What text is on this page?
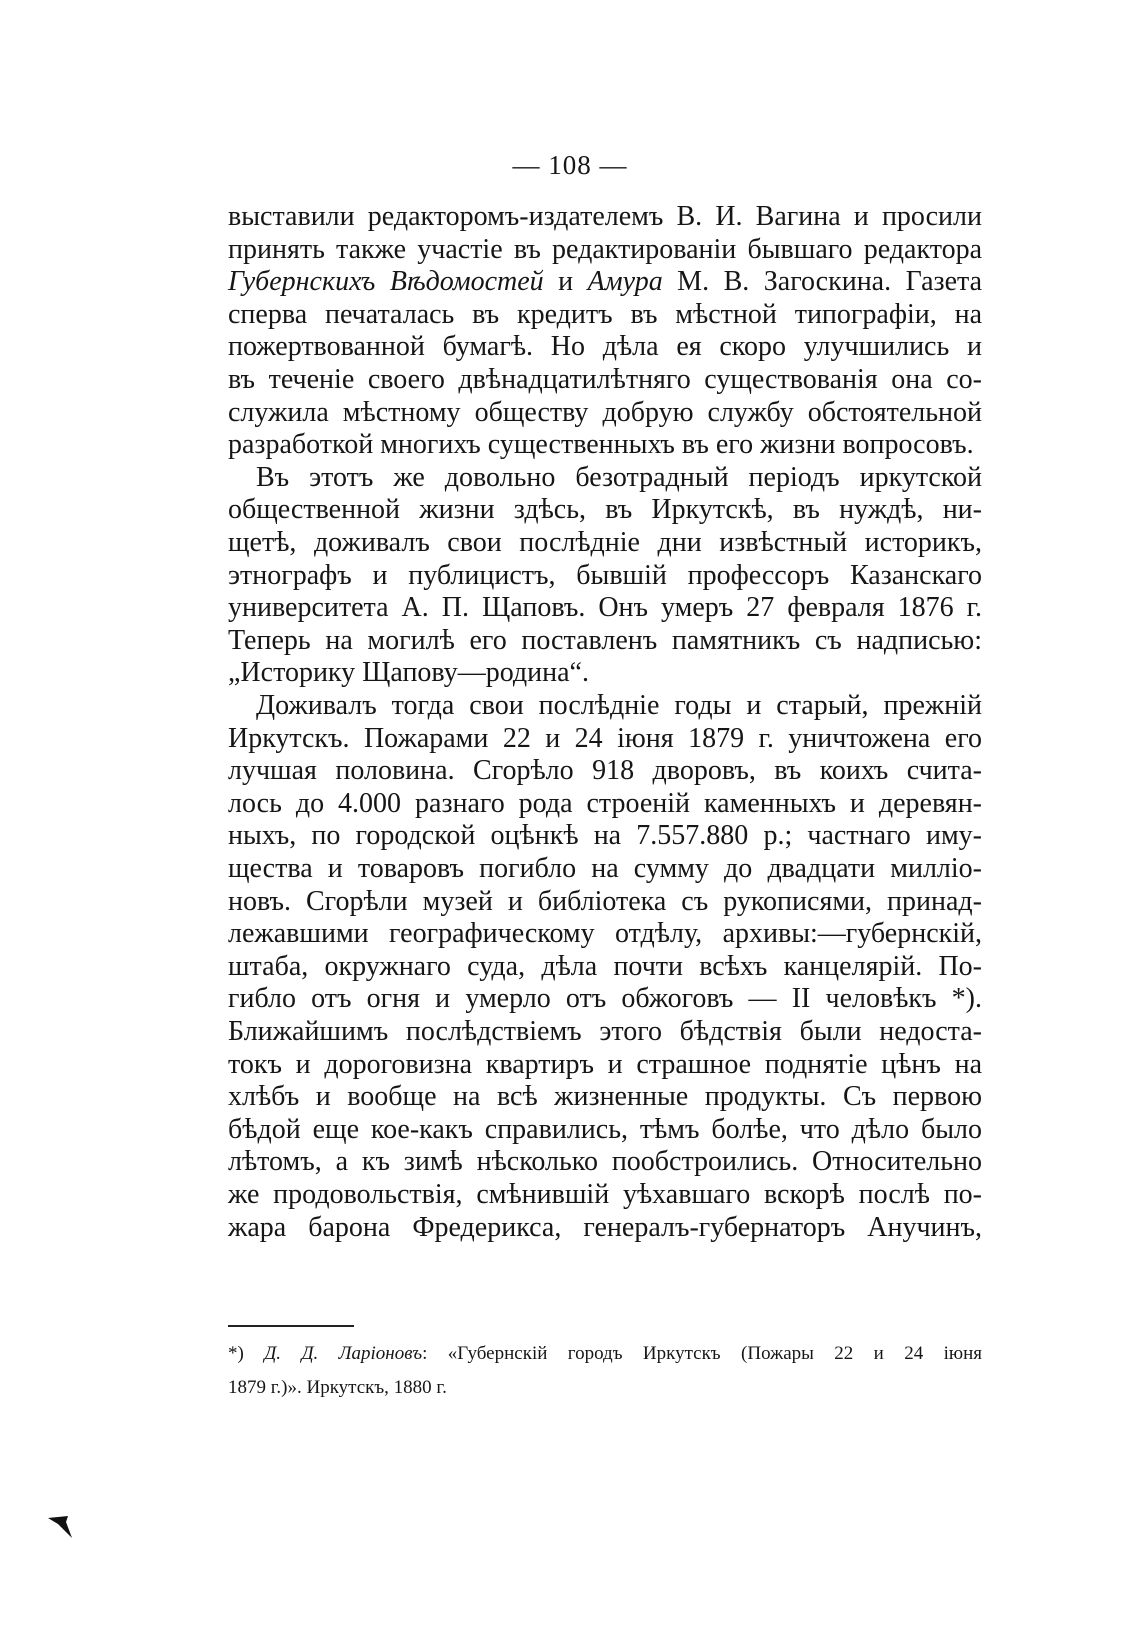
— 108 —
выставили редакторомъ-издателемъ В. И. Вагина и просили
принять также участіе въ редактированіи бывшаго редактора
Губернскихъ Вѣдомостей и Амура М. В. Загоскина. Газета
сперва печаталась въ кредитъ въ мѣстной типографіи, на
пожертвованной бумагѣ. Но дѣла ея скоро улучшились и
въ теченіе своего двѣнадцатилѣтняго существованія она со-
служила мѣстному обществу добрую службу обстоятельной
разработкой многихъ существенныхъ въ его жизни вопросовъ.
Въ этотъ же довольно безотрадный періодъ иркутской
общественной жизни здѣсь, въ Иркутскѣ, въ нуждѣ, ни-
щетѣ, доживалъ свои послѣдніе дни извѣстный историкъ,
этнографъ и публицистъ, бывшій профессоръ Казанскаго
университета А. П. Щаповъ. Онъ умеръ 27 февраля 1876 г.
Теперь на могилѣ его поставленъ памятникъ съ надписью:
„Историку Щапову—родина“.
Доживалъ тогда свои послѣдніе годы и старый, прежній
Иркутскъ. Пожарами 22 и 24 іюня 1879 г. уничтожена его
лучшая половина. Сгорѣло 918 дворовъ, въ коихъ счита-
лось до 4.000 разнаго рода строеній каменныхъ и деревян-
ныхъ, по городской оцѣнкѣ на 7.557.880 р.; частнаго иму-
щества и товаровъ погибло на сумму до двадцати милліо-
новъ. Сгорѣли музей и библіотека съ рукописями, принад-
лежавшими географическому отдѣлу, архивы:—губернскій,
штаба, окружнаго суда, дѣла почти всѣхъ канцелярій. По-
гибло отъ огня и умерло отъ обжоговъ — II человѣкъ *).
Ближайшимъ послѣдствіемъ этого бѣдствія были недоста-
токъ и дороговизна квартиръ и страшное поднятіе цѣнъ на
хлѣбъ и вообще на всѣ жизненные продукты. Съ первою
бѣдой еще кое-какъ справились, тѣмъ болѣе, что дѣло было
лѣтомъ, а къ зимѣ нѣсколько пообстроились. Относительно
же продовольствія, смѣнившій уѣхавшаго вскорѣ послѣ по-
жара барона Фредерикса, генералъ-губернаторъ Анучинъ,
*) Д. Д. Ларіоновъ: «Губернскій городъ Иркутскъ (Пожары 22 и 24 іюня
1879 г.)». Иркутскъ, 1880 г.
